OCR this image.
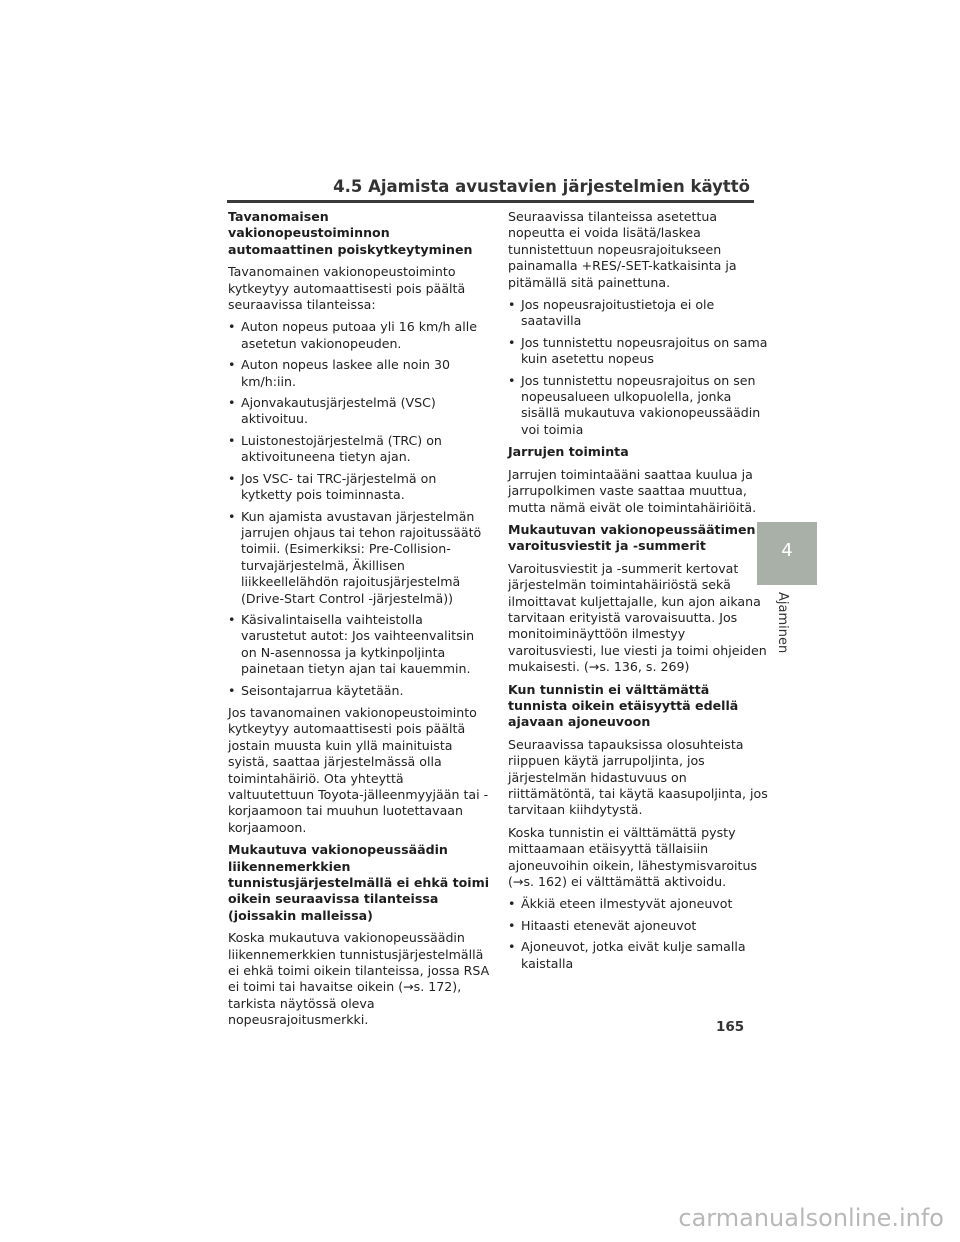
4.5 Ajamista avustavien järjestelmien käyttö
Tavanomaisen vakionopeustoiminnon automaattinen poiskytkeytyminen

Tavanomainen vakionopeustoiminto kytkeytyy automaattisesti pois päältä seuraavissa tilanteissa:

• Auton nopeus putoaa yli 16 km/h alle asetetun vakionopeuden.
• Auton nopeus laskee alle noin 30 km/h:iin.
• Ajonvakautusjärjestelmä (VSC) aktivoituu.
• Luistonestojärjestelmä (TRC) on aktivoituneena tietyn ajan.
• Jos VSC- tai TRC-järjestelmä on kytketty pois toiminnasta.
• Kun ajamista avustavan järjestelmän jarrujen ohjaus tai tehon rajoitussäätö toimii. (Esimerkiksi: Pre-Collision-turvajärjestelmä, Äkillisen liikkeellelähdön rajoitusjärjestelmä (Drive-Start Control -järjestelmä))
• Käsivalintaisella vaihteistolla varustetut autot: Jos vaihteenvalitsin on N-asennossa ja kytkinpoljinta painetaan tietyn ajan tai kauemmin.
• Seisontajarrua käytetään.

Jos tavanomainen vakionopeustoiminto kytkeytyy automaattisesti pois päältä jostain muusta kuin yllä mainituista syistä, saattaa järjestelmässä olla toimintahäiriö. Ota yhteyttä valtuutettuun Toyota-jälleenmyyjään tai -korjaamoon tai muuhun luotettavaan korjaamoon.

Mukautuva vakionopeussäädin liikennemerkkien tunnistusjärjestelmällä ei ehkä toimi oikein seuraavissa tilanteissa (joissakin malleissa)

Koska mukautuva vakionopeussäädin liikennemerkkien tunnistusjärjestelmällä ei ehkä toimi oikein tilanteissa, jossa RSA ei toimi tai havaitse oikein (→s. 172), tarkista näytössä oleva nopeusrajoitusmerkki.

Seuraavissa tilanteissa asetettua nopeutta ei voida lisätä/laskea tunnistettuun nopeusrajoitukseen painamalla +RES/-SET-katkaisinta ja pitämällä sitä painettuna.

• Jos nopeusrajoitustietoja ei ole saatavilla
• Jos tunnistettu nopeusrajoitus on sama kuin asetettu nopeus
• Jos tunnistettu nopeusrajoitus on sen nopeusalueen ulkopuolella, jonka sisällä mukautuva vakionopeussäädin voi toimia
Jarrujen toiminta

Jarrujen toimintaääni saattaa kuulua ja jarrupolkimen vaste saattaa muuttua, mutta nämä eivät ole toimintahäiriöitä.

Mukautuvan vakionopeussäätimen varoitusviestit ja -summerit

Varoitusviestit ja -summerit kertovat järjestelmän toimintahäiriöstä sekä ilmoittavat kuljettajalle, kun ajon aikana tarvitaan erityistä varovaisuutta. Jos monitoiminäyttöön ilmestyy varoitusviesti, lue viesti ja toimi ohjeiden mukaisesti. (→s. 136, s. 269)

Kun tunnistin ei välttämättä tunnista oikein etäisyyttä edellä ajavaan ajoneuvoon

Seuraavissa tapauksissa olosuhteista riippuen käytä jarrupoljinta, jos järjestelmän hidastuvuus on riittämätöntä, tai käytä kaasupoljinta, jos tarvitaan kiihdytystä.

Koska tunnistin ei välttämättä pysty mittaamaan etäisyyttä tällaisiin ajoneuvoihin oikein, lähestymisvaroitus (→s. 162) ei välttämättä aktivoidu.

• Äkkiä eteen ilmestyvät ajoneuvot
• Hitaasti etenevät ajoneuvot
• Ajoneuvot, jotka eivät kulje samalla kaistalla
4
Ajaminen
165
carmanualsonline.info
